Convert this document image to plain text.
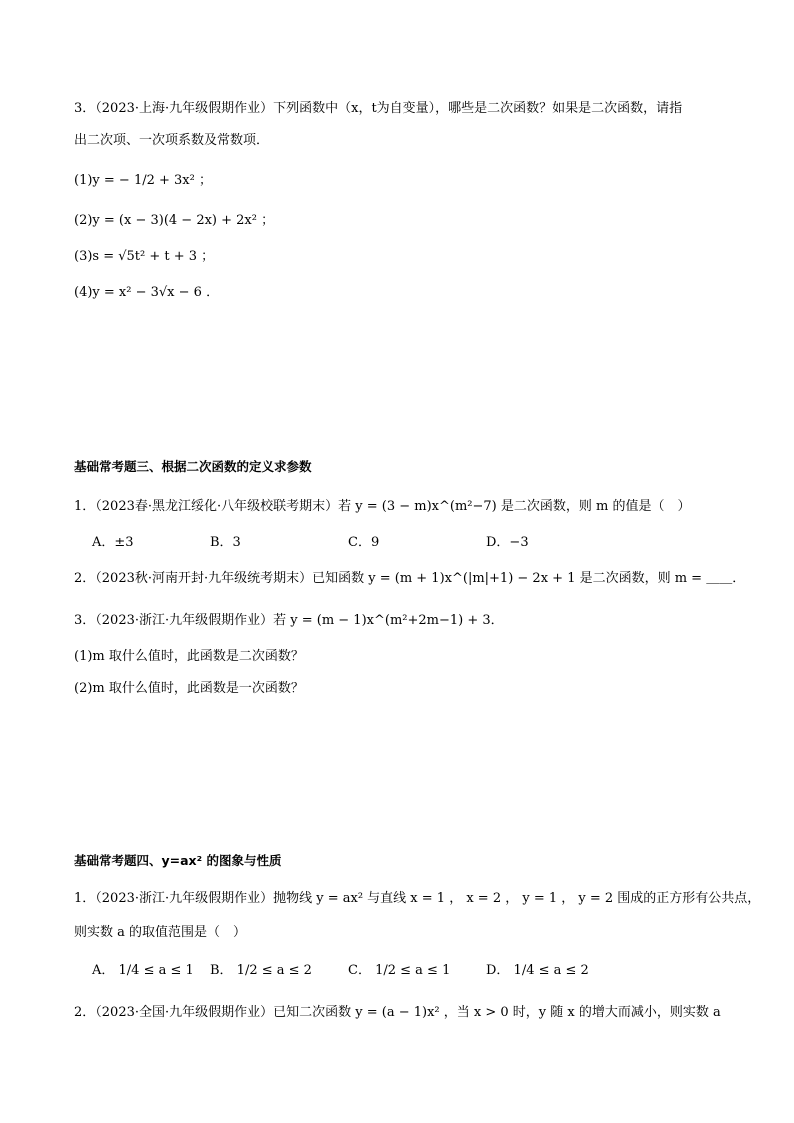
3．（2023·上海·九年级假期作业）下列函数中（x，t为自变量），哪些是二次函数？如果是二次函数，请指
出二次项、一次项系数及常数项．
(1)y = − 1/2 + 3x² ；
(2)y = (x − 3)(4 − 2x) + 2x² ；
(3)s = √5t² + t + 3 ；
(4)y = x² − 3√x − 6 ．
基础常考题三、根据二次函数的定义求参数
1．（2023春·黑龙江绥化·八年级校联考期末）若 y = (3 − m)x^(m²−7) 是二次函数，则 m 的值是（　）
A．±3	B．3	C．9	D．−3
2．（2023秋·河南开封·九年级统考期末）已知函数 y = (m + 1)x^(|m|+1) − 2x + 1 是二次函数，则 m = ＿＿．
3．（2023·浙江·九年级假期作业）若 y = (m − 1)x^(m²+2m−1) + 3．
(1)m 取什么值时，此函数是二次函数？
(2)m 取什么值时，此函数是一次函数？
基础常考题四、y=ax² 的图象与性质
1．（2023·浙江·九年级假期作业）抛物线 y = ax² 与直线 x = 1 ， x = 2 ， y = 1 ， y = 2 围成的正方形有公共点，
则实数 a 的取值范围是（　）
A． 1/4 ≤ a ≤ 1 B． 1/2 ≤ a ≤ 2	C． 1/2 ≤ a ≤ 1	D． 1/4 ≤ a ≤ 2
2．（2023·全国·九年级假期作业）已知二次函数 y = (a − 1)x² ，当 x > 0 时，y 随 x 的增大而减小，则实数 a
